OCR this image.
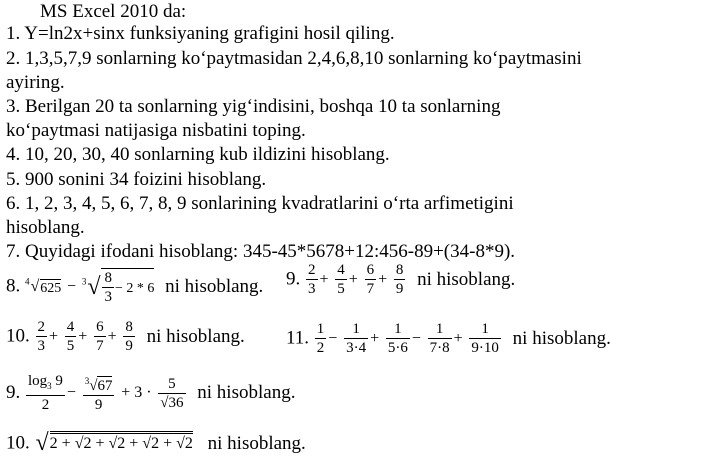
MS Excel 2010 da:
1. Y=ln2x+sinx funksiyaning grafigini hosil qiling.
2. 1,3,5,7,9 sonlarning ko‘paytmasidan 2,4,6,8,10 sonlarning ko‘paytmasini
ayiring.
3. Berilgan 20 ta sonlarning yig‘indisini, boshqa 10 ta sonlarning
ko‘paytmasi natijasiga nisbatini toping.
4. 10, 20, 30, 40 sonlarning kub ildizini hisoblang.
5. 900 sonini 34 foizini hisoblang.
6. 1, 2, 3, 4, 5, 6, 7, 8, 9 sonlarining kvadratlarini o‘rta arfimetigini
hisoblang.
7. Quyidagi ifodani hisoblang: 345-45*5678+12:456-89+(34-8*9).
8. $^4√625 - ^3√ \frac{8}{3} - 2 * 6$ ni hisoblang. 9. $\frac{2}{3} + \frac{4}{5} + \frac{6}{7} + \frac{8}{9}$ ni hisoblang.
10. $\frac{2}{3} + \frac{4}{5} + \frac{6}{7} + \frac{8}{9}$ ni hisoblang. 11. $\frac{1}{2} - \frac{1}{3\cdot 4} + \frac{1}{5\cdot 6} - \frac{1}{7\cdot 8} + \frac{1}{9\cdot 10}$ ni hisoblang.
9. $\frac{\log_3 9}{2} - \frac{^3√67}{9} + 3 \cdot \frac{5}{√36}$ ni hisoblang.
10. √2 + √2 + √2 + √2 + √2 ni hisoblang.
